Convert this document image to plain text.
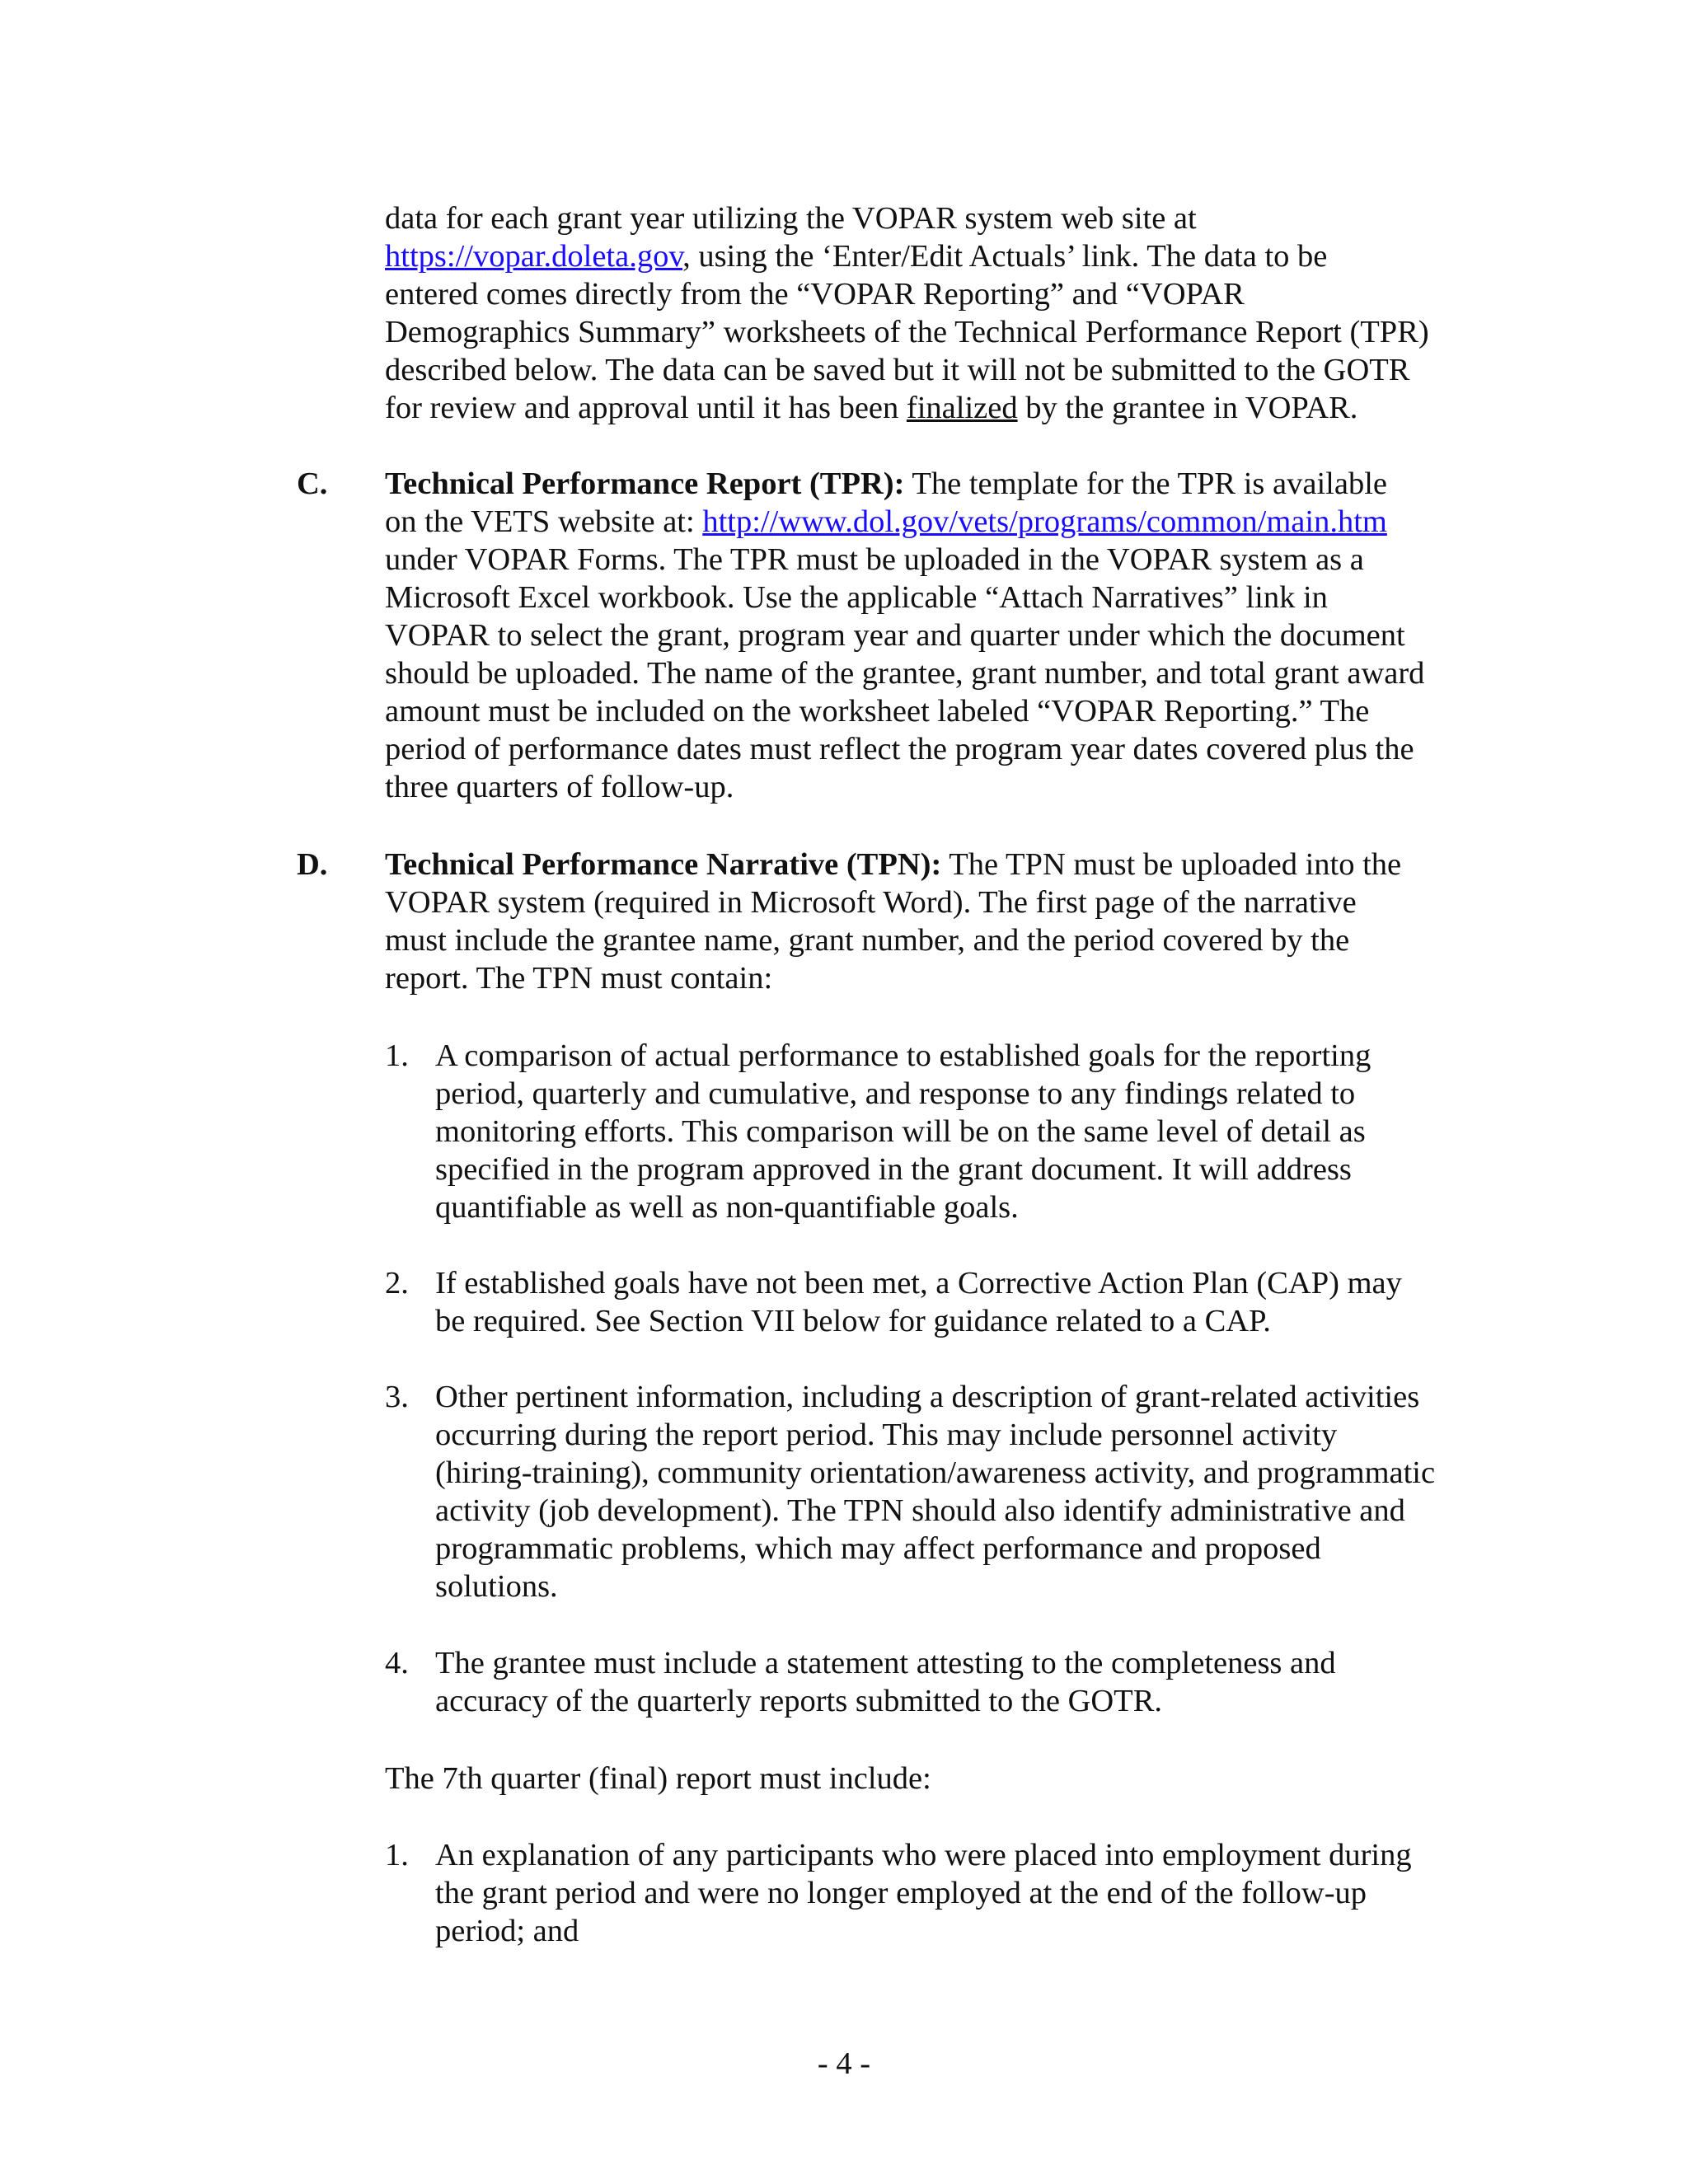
data for each grant year utilizing the VOPAR system web site at
https://vopar.doleta.gov, using the ‘Enter/Edit Actuals’ link. The data to be
entered comes directly from the “VOPAR Reporting” and “VOPAR
Demographics Summary” worksheets of the Technical Performance Report (TPR)
described below. The data can be saved but it will not be submitted to the GOTR
for review and approval until it has been finalized by the grantee in VOPAR.
C. Technical Performance Report (TPR): The template for the TPR is available
on the VETS website at: http://www.dol.gov/vets/programs/common/main.htm
under VOPAR Forms. The TPR must be uploaded in the VOPAR system as a
Microsoft Excel workbook. Use the applicable “Attach Narratives” link in
VOPAR to select the grant, program year and quarter under which the document
should be uploaded. The name of the grantee, grant number, and total grant award
amount must be included on the worksheet labeled “VOPAR Reporting.” The
period of performance dates must reflect the program year dates covered plus the
three quarters of follow-up.
D. Technical Performance Narrative (TPN): The TPN must be uploaded into the
VOPAR system (required in Microsoft Word). The first page of the narrative
must include the grantee name, grant number, and the period covered by the
report. The TPN must contain:
1. A comparison of actual performance to established goals for the reporting
period, quarterly and cumulative, and response to any findings related to
monitoring efforts. This comparison will be on the same level of detail as
specified in the program approved in the grant document. It will address
quantifiable as well as non-quantifiable goals.
2. If established goals have not been met, a Corrective Action Plan (CAP) may
be required. See Section VII below for guidance related to a CAP.
3. Other pertinent information, including a description of grant-related activities
occurring during the report period. This may include personnel activity
(hiring-training), community orientation/awareness activity, and programmatic
activity (job development). The TPN should also identify administrative and
programmatic problems, which may affect performance and proposed
solutions.
4. The grantee must include a statement attesting to the completeness and
accuracy of the quarterly reports submitted to the GOTR.
The 7th quarter (final) report must include:
1. An explanation of any participants who were placed into employment during
the grant period and were no longer employed at the end of the follow-up
period; and
- 4 -
